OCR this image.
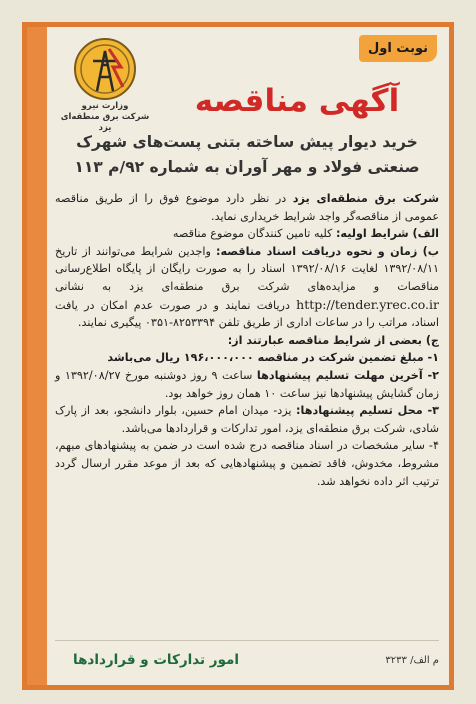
نوبت اول
وزارت نیرو
شرکت برق منطقه‌ای یزد
آگهی مناقصه
خرید دیوار پیش ساخته بتنی پست‌های شهرک
صنعتی فولاد و مهر آوران به شماره ۹۲/م ۱۱۳

شرکت برق منطقه‌ای یزد در نظر دارد موضوع فوق را از طریق مناقصه عمومی از مناقصه‌گر واجد شرایط خریداری نماید.

الف) شرایط اولیه: کلیه تامین کنندگان موضوع مناقصه

ب) زمان و نحوه دریافت اسناد مناقصه: واجدین شرایط می‌توانند از تاریخ ۱۳۹۲/۰۸/۱۱ لغایت ۱۳۹۲/۰۸/۱۶ اسناد را به صورت رایگان از پایگاه اطلاع‌رسانی مناقصات و مزایده‌های شرکت برق منطقه‌ای یزد به نشانی http://tender.yrec.co.ir دریافت نمایند و در صورت عدم امکان در یافت اسناد، مراتب را در ساعات اداری از طریق تلفن ۸۲۵۳۳۹۴-۰۳۵۱ پیگیری نمایند.

ج) بعضی از شرایط مناقصه عبارتند از:

۱- مبلغ تضمین شرکت در مناقصه ۱۹۶،۰۰۰،۰۰۰ ریال می‌باشد

۲- آخرین مهلت تسلیم پیشنهادها ساعت ۹ روز دوشنبه مورخ ۱۳۹۲/۰۸/۲۷ و زمان گشایش پیشنهادها نیز ساعت ۱۰ همان روز خواهد بود.

۳- محل تسلیم پیشنهادها: یزد- میدان امام حسین، بلوار دانشجو، بعد از پارک شادی، شرکت برق منطقه‌ای یزد، امور تدارکات و قراردادها می‌باشد.

۴- سایر مشخصات در اسناد مناقصه درج شده است در ضمن به پیشنهادهای مبهم، مشروط، مخدوش، فاقد تضمین و پیشنهادهایی که بعد از موعد مقرر ارسال گردد ترتیب اثر داده نخواهد شد.

امور تدارکات و قراردادها	م الف/ ۳۲۳۳
